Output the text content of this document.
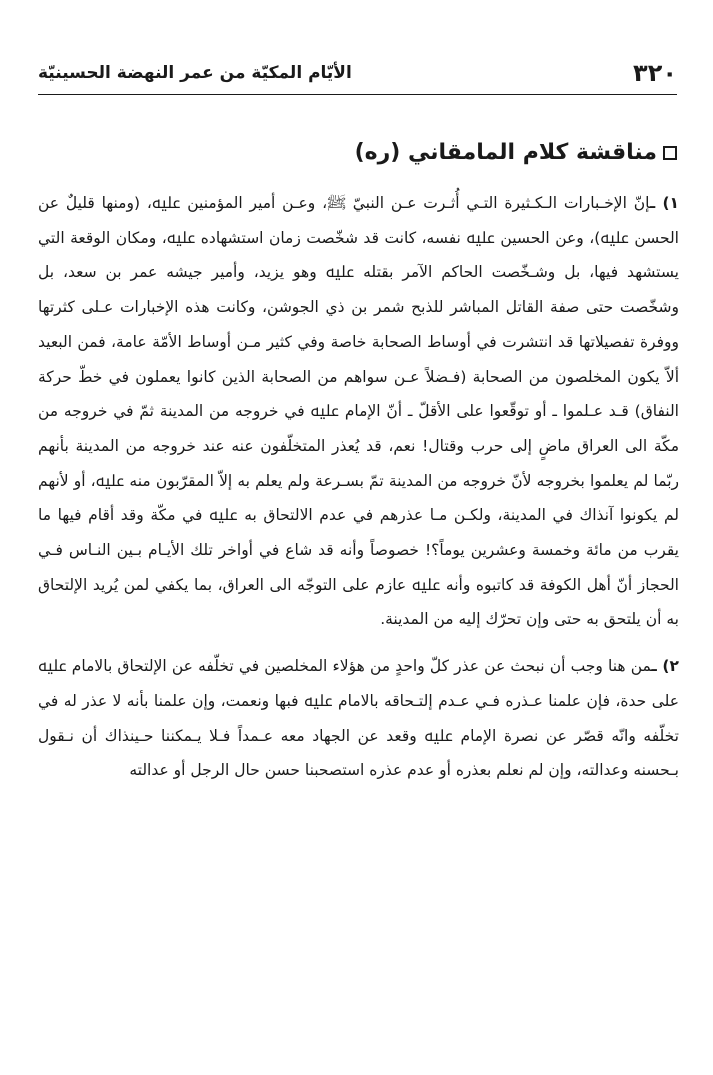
٣٢٠
الأيّام المكيّة من عمر النهضة الحسينيّة
مناقشة كلام المامقاني (ره)

١) ـإنّ الإخـبارات الـكـثيرة التـي أُثـرت عـن النبيّ ﷺ، وعـن أمير المؤمنين ﷷ، (ومنها قليلٌ عن الحسن ﷷ)، وعن الحسين ﷷ نفسه، كانت قد شخّصت زمان استشهاده ﷷ، ومكان الوقعة التي يستشهد فيها، بل وشـخّصت الحاكم الآمر بقتله ﷷ وهو يزيد، وأمير جيشه عمر بن سعد، بل وشخّصت حتى صفة القاتل المباشر للذبح شمر بن ذي الجوشن، وكانت هذه الإخبارات عـلى كثرتها ووفرة تفصيلاتها قد انتشرت في أوساط الصحابة خاصة وفي كثير مـن أوساط الأمّة عامة، فمن البعيد ألاّ يكون المخلصون من الصحابة (فـضلاً عـن سواهم من الصحابة الذين كانوا يعملون في خطّ حركة النفاق) قـد عـلموا ـ أو توقّعوا على الأقلّ ـ أنّ الإمام ﷷ في خروجه من المدينة ثمّ في خروجه من مكّة الى العراق ماضٍ إلى حرب وقتال! نعم، قد يُعذر المتخلّفون عنه عند خروجه من المدينة بأنهم ربّما لم يعلموا بخروجه لأنّ خروجه من المدينة تمّ بسـرعة ولم يعلم به إلاّ المقرّبون منه ﷷ، أو لأنهم لم يكونوا آنذاك في المدينة، ولكـن مـا عذرهم في عدم الالتحاق به ﷷ في مكّة وقد أقام فيها ما يقرب من مائة وخمسة وعشرين يوماً؟! خصوصاً وأنه قد شاع في أواخر تلك الأيـام بـين النـاس فـي الحجاز أنّ أهل الكوفة قد كاتبوه وأنه ﷷ عازم على التوجّه الى العراق، بما يكفي لمن يُريد الإلتحاق به أن يلتحق به حتى وإن تحرّك إليه من المدينة.

٢) ـمن هنا وجب أن نبحث عن عذر كلّ واحدٍ من هؤلاء المخلصين في تخلّفه عن الإلتحاق بالامام ﷷ على حدة، فإن علمنا عـذره فـي عـدم إلتـحاقه بالامام ﷷ فبها ونعمت، وإن علمنا بأنه لا عذر له في تخلّفه وانّه قصّر عن نصرة الإمام ﷷ وقعد عن الجهاد معه عـمداً فـلا يـمكننا حـينذاك أن نـقول بـحسنه وعدالته، وإن لم نعلم بعذره أو عدم عذره استصحبنا حسن حال الرجل أو عدالته
